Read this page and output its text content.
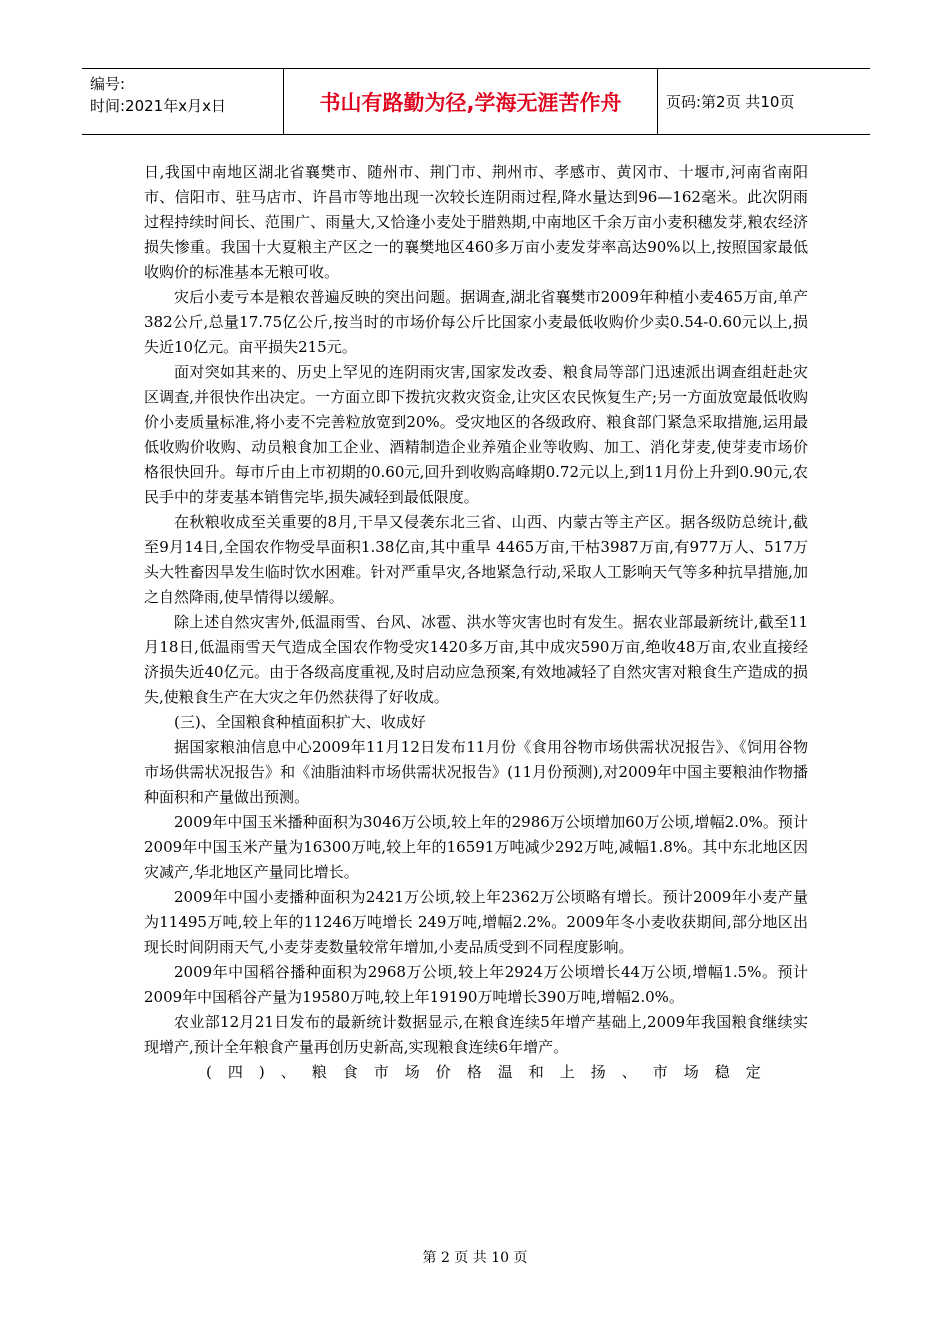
编号:
时间:2021年x月x日	书山有路勤为径,学海无涯苦作舟	页码:第2页 共10页

日,我国中南地区湖北省襄樊市、随州市、荆门市、荆州市、孝感市、黄冈市、十堰市,河南省南阳市、信阳市、驻马店市、许昌市等地出现一次较长连阴雨过程,降水量达到96—162毫米。此次阴雨过程持续时间长、范围广、雨量大,又恰逢小麦处于腊熟期,中南地区千余万亩小麦积穗发芽,粮农经济损失惨重。我国十大夏粮主产区之一的襄樊地区460多万亩小麦发芽率高达90%以上,按照国家最低收购价的标准基本无粮可收。

灾后小麦亏本是粮农普遍反映的突出问题。据调查,湖北省襄樊市2009年种植小麦465万亩,单产382公斤,总量17.75亿公斤,按当时的市场价每公斤比国家小麦最低收购价少卖0.54-0.60元以上,损失近10亿元。亩平损失215元。

面对突如其来的、历史上罕见的连阴雨灾害,国家发改委、粮食局等部门迅速派出调查组赶赴灾区调查,并很快作出决定。一方面立即下拨抗灾救灾资金,让灾区农民恢复生产;另一方面放宽最低收购价小麦质量标准,将小麦不完善粒放宽到20%。受灾地区的各级政府、粮食部门紧急采取措施,运用最低收购价收购、动员粮食加工企业、酒精制造企业养殖企业等收购、加工、消化芽麦,使芽麦市场价格很快回升。每市斤由上市初期的0.60元,回升到收购高峰期0.72元以上,到11月份上升到0.90元,农民手中的芽麦基本销售完毕,损失减轻到最低限度。

在秋粮收成至关重要的8月,干旱又侵袭东北三省、山西、内蒙古等主产区。据各级防总统计,截至9月14日,全国农作物受旱面积1.38亿亩,其中重旱 4465万亩,干枯3987万亩,有977万人、517万头大牲畜因旱发生临时饮水困难。针对严重旱灾,各地紧急行动,采取人工影响天气等多种抗旱措施,加之自然降雨,使旱情得以缓解。

除上述自然灾害外,低温雨雪、台风、冰雹、洪水等灾害也时有发生。据农业部最新统计,截至11月18日,低温雨雪天气造成全国农作物受灾1420多万亩,其中成灾590万亩,绝收48万亩,农业直接经济损失近40亿元。由于各级高度重视,及时启动应急预案,有效地减轻了自然灾害对粮食生产造成的损失,使粮食生产在大灾之年仍然获得了好收成。

(三)、全国粮食种植面积扩大、收成好

据国家粮油信息中心2009年11月12日发布11月份《食用谷物市场供需状况报告》、《饲用谷物市场供需状况报告》和《油脂油料市场供需状况报告》(11月份预测),对2009年中国主要粮油作物播种面积和产量做出预测。

2009年中国玉米播种面积为3046万公顷,较上年的2986万公顷增加60万公顷,增幅2.0%。预计2009年中国玉米产量为16300万吨,较上年的16591万吨减少292万吨,减幅1.8%。其中东北地区因灾减产,华北地区产量同比增长。

2009年中国小麦播种面积为2421万公顷,较上年2362万公顷略有增长。预计2009年小麦产量为11495万吨,较上年的11246万吨增长 249万吨,增幅2.2%。2009年冬小麦收获期间,部分地区出现长时间阴雨天气,小麦芽麦数量较常年增加,小麦品质受到不同程度影响。

2009年中国稻谷播种面积为2968万公顷,较上年2924万公顷增长44万公顷,增幅1.5%。预计2009年中国稻谷产量为19580万吨,较上年19190万吨增长390万吨,增幅2.0%。

农业部12月21日发布的最新统计数据显示,在粮食连续5年增产基础上,2009年我国粮食继续实现增产,预计全年粮食产量再创历史新高,实现粮食连续6年增产。

(四)、粮食市场价格温和上扬、市场稳定

第 2 页 共 10 页
